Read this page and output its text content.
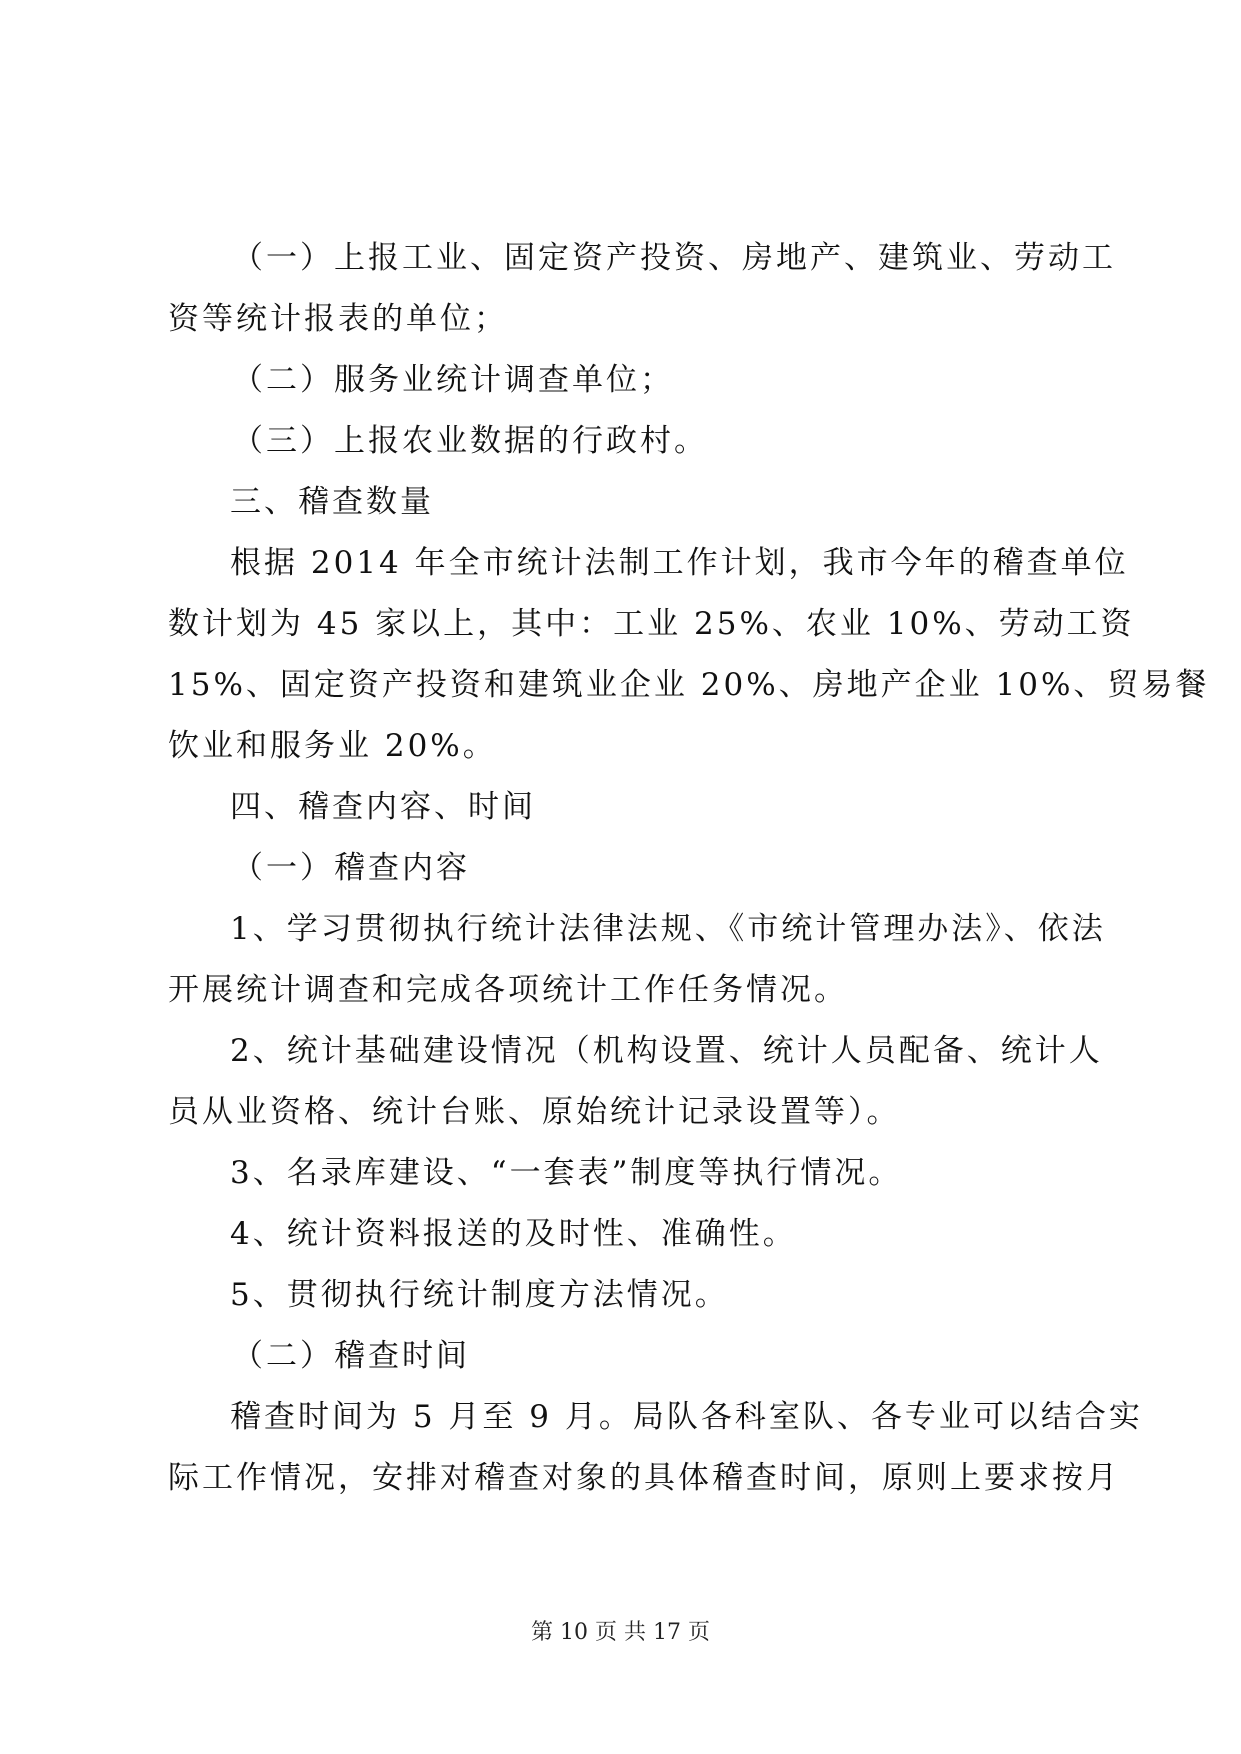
（一）上报工业、固定资产投资、房地产、建筑业、劳动工
资等统计报表的单位；
（二）服务业统计调查单位；
（三）上报农业数据的行政村。
三、稽查数量
根据 2014 年全市统计法制工作计划，我市今年的稽查单位
数计划为 45 家以上，其中：工业 25%、农业 10%、劳动工资
15%、固定资产投资和建筑业企业 20%、房地产企业 10%、贸易餐
饮业和服务业 20%。
四、稽查内容、时间
（一）稽查内容
1、学习贯彻执行统计法律法规、《市统计管理办法》、依法
开展统计调查和完成各项统计工作任务情况。
2、统计基础建设情况（机构设置、统计人员配备、统计人
员从业资格、统计台账、原始统计记录设置等）。
3、名录库建设、“一套表”制度等执行情况。
4、统计资料报送的及时性、准确性。
5、贯彻执行统计制度方法情况。
（二）稽查时间
稽查时间为 5 月至 9 月。局队各科室队、各专业可以结合实
际工作情况，安排对稽查对象的具体稽查时间，原则上要求按月
第 10 页 共 17 页
